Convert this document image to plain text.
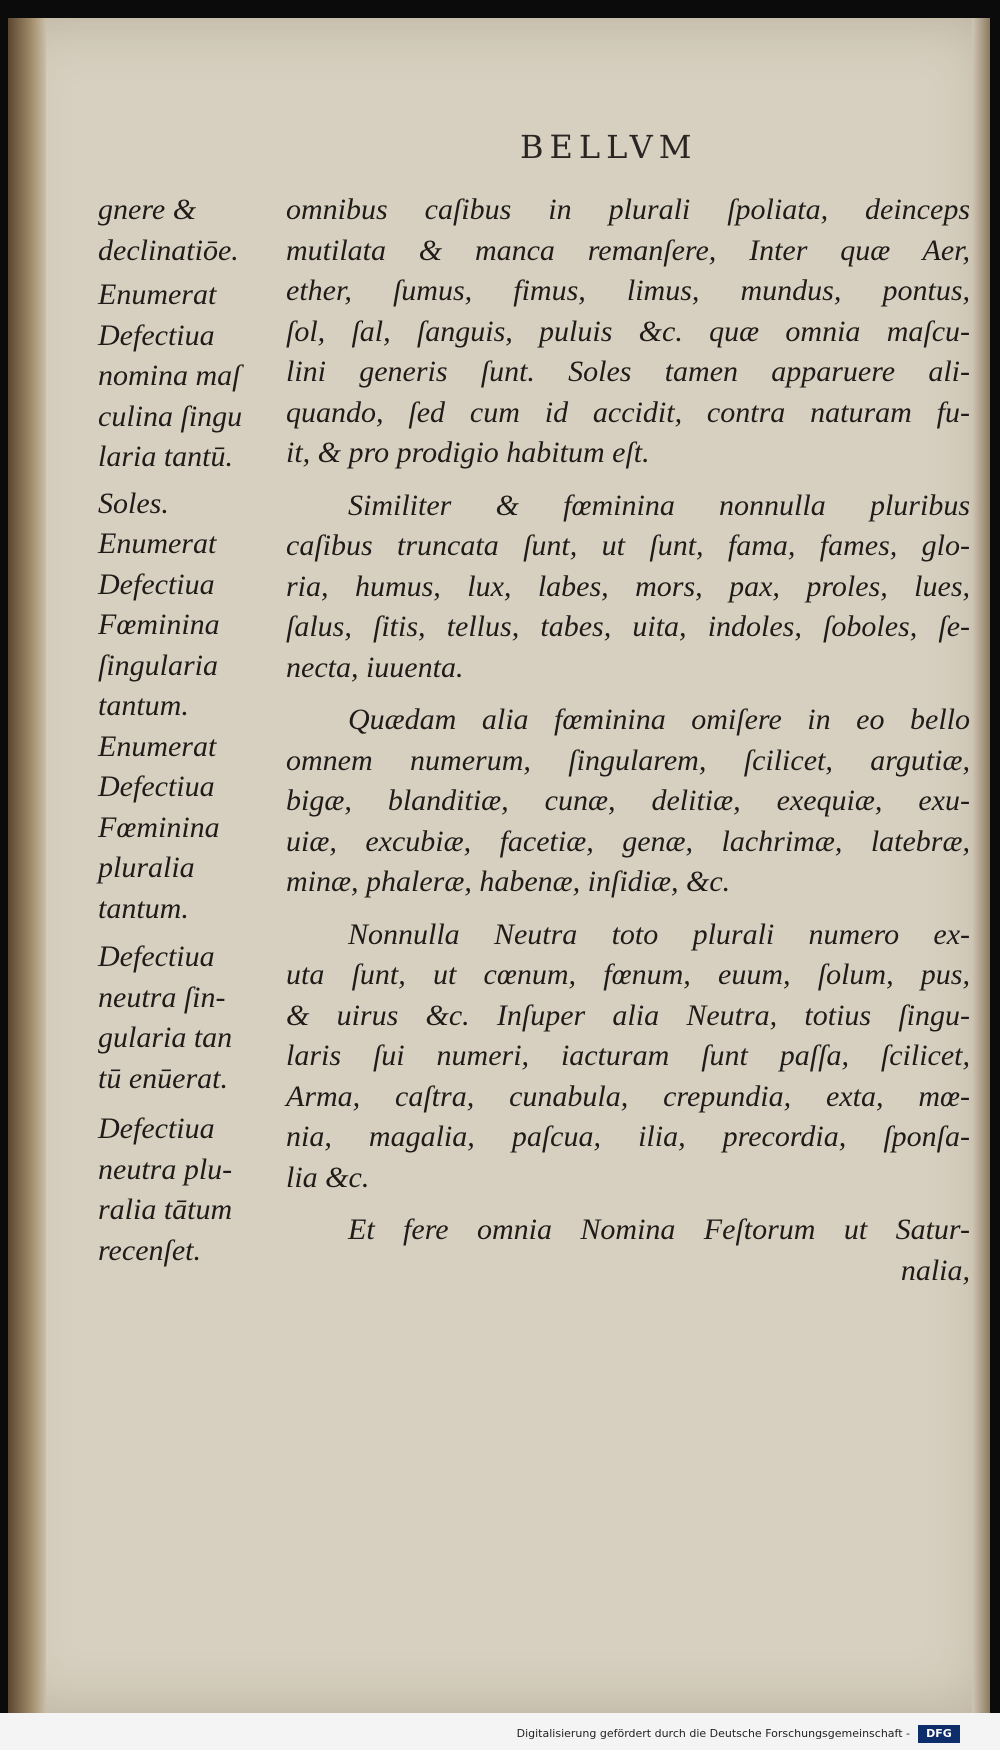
BELLVM
gnere &
declinatiōe.
Enumerat
Defectiua
nomina maſ
culina ſingu
laria tantū.
Soles.
Enumerat
Defectiua
Fœminina
ſingularia
tantum.
Enumerat
Defectiua
Fœminina
pluralia
tantum.
Defectiua
neutra ſin-
gularia tan
tū enūerat.
Defectiua
neutra plu-
ralia tātum
recenſet.
omnibus caſibus in plurali ſpoliata, deinceps
mutilata & manca remanſere, Inter quæ Aer,
ether, ſumus, fimus, limus, mundus, pontus,
ſol, ſal, ſanguis, puluis &c. quæ omnia maſcu-
lini generis ſunt. Soles tamen apparuere ali-
quando, ſed cum id accidit, contra naturam fu-
it, & pro prodigio habitum eſt.
Similiter & fœminina nonnulla pluribus
caſibus truncata ſunt, ut ſunt, fama, fames, glo-
ria, humus, lux, labes, mors, pax, proles, lues,
ſalus, ſitis, tellus, tabes, uita, indoles, ſoboles, ſe-
necta, iuuenta.
Quædam alia fœminina omiſere in eo bello
omnem numerum, ſingularem, ſcilicet, argutiæ,
bigæ, blanditiæ, cunæ, delitiæ, exequiæ, exu-
uiæ, excubiæ, facetiæ, genæ, lachrimæ, latebræ,
minæ, phaleræ, habenæ, inſidiæ, &c.
Nonnulla Neutra toto plurali numero ex-
uta ſunt, ut cœnum, fœnum, euum, ſolum, pus,
& uirus &c. Inſuper alia Neutra, totius ſingu-
laris ſui numeri, iacturam ſunt paſſa, ſcilicet,
Arma, caſtra, cunabula, crepundia, exta, mœ-
nia, magalia, paſcua, ilia, precordia, ſponſa-
lia &c.
Et fere omnia Nomina Feſtorum ut Satur-
nalia,
Digitalisierung gefördert durch die Deutsche Forschungsgemeinschaft -	DFG
